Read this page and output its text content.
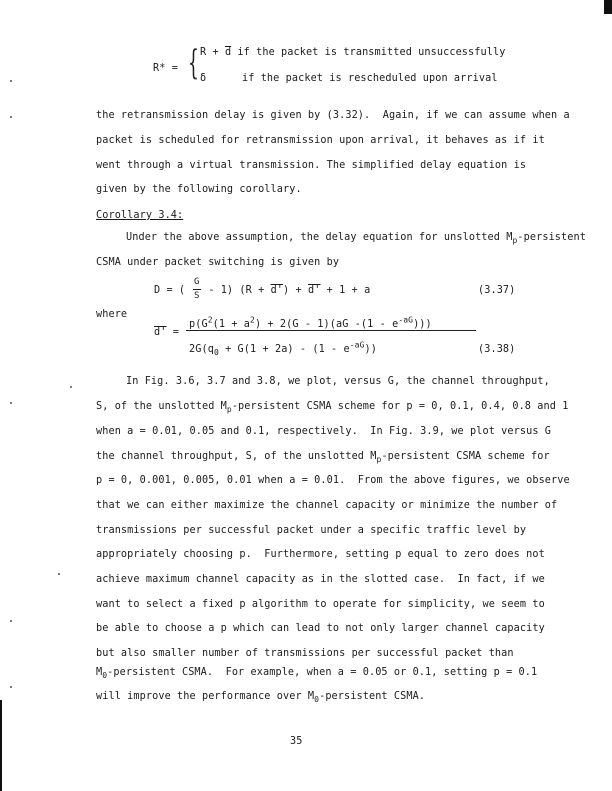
R* = { $R + \overline{d}$ if the packet is transmitted unsuccessfully
δ	if the packet is rescheduled upon arrival
the retransmission delay is given by (3.32).  Again, if we can assume when a
packet is scheduled for retransmission upon arrival, it behaves as if it
went through a virtual transmission. The simplified delay equation is
given by the following corollary.
Corollary 3.4:
Under the above assumption, the delay equation for unslotted $M_p$-persistent
CSMA under packet switching is given by
D = (
G
S - 1) (R + d') + d' + 1 + a	(3.37)
where
d' =
$p(G^2(1 + a^2) + 2(G - 1)(aG$ $-(1 - e^{-aG})$))
$2G(q_0 + G(1 + 2a) - (1 - e^{-aG}))$	(3.38)
In Fig. 3.6, 3.7 and 3.8, we plot, versus G, the channel throughput,
S, of the unslotted $M_p$-persistent CSMA scheme for p = 0, 0.1, 0.4, 0.8 and 1
when a = 0.01, 0.05 and 0.1, respectively.  In Fig. 3.9, we plot versus G
the channel throughput, S, of the unslotted $M_p$-persistent CSMA scheme for
p = 0, 0.001, 0.005, 0.01 when a = 0.01.  From the above figures, we observe
that we can either maximize the channel capacity or minimize the number of
transmissions per successful packet under a specific traffic level by
appropriately choosing p.  Furthermore, setting p equal to zero does not
achieve maximum channel capacity as in the slotted case.  In fact, if we
want to select a fixed p algorithm to operate for simplicity, we seem to
be able to choose a p which can lead to not only larger channel capacity
but also smaller number of transmissions per successful packet than
$M_0$-persistent CSMA.  For example, when a = 0.05 or 0.1, setting p = 0.1
will improve the performance over $M_0$-persistent CSMA.
35
